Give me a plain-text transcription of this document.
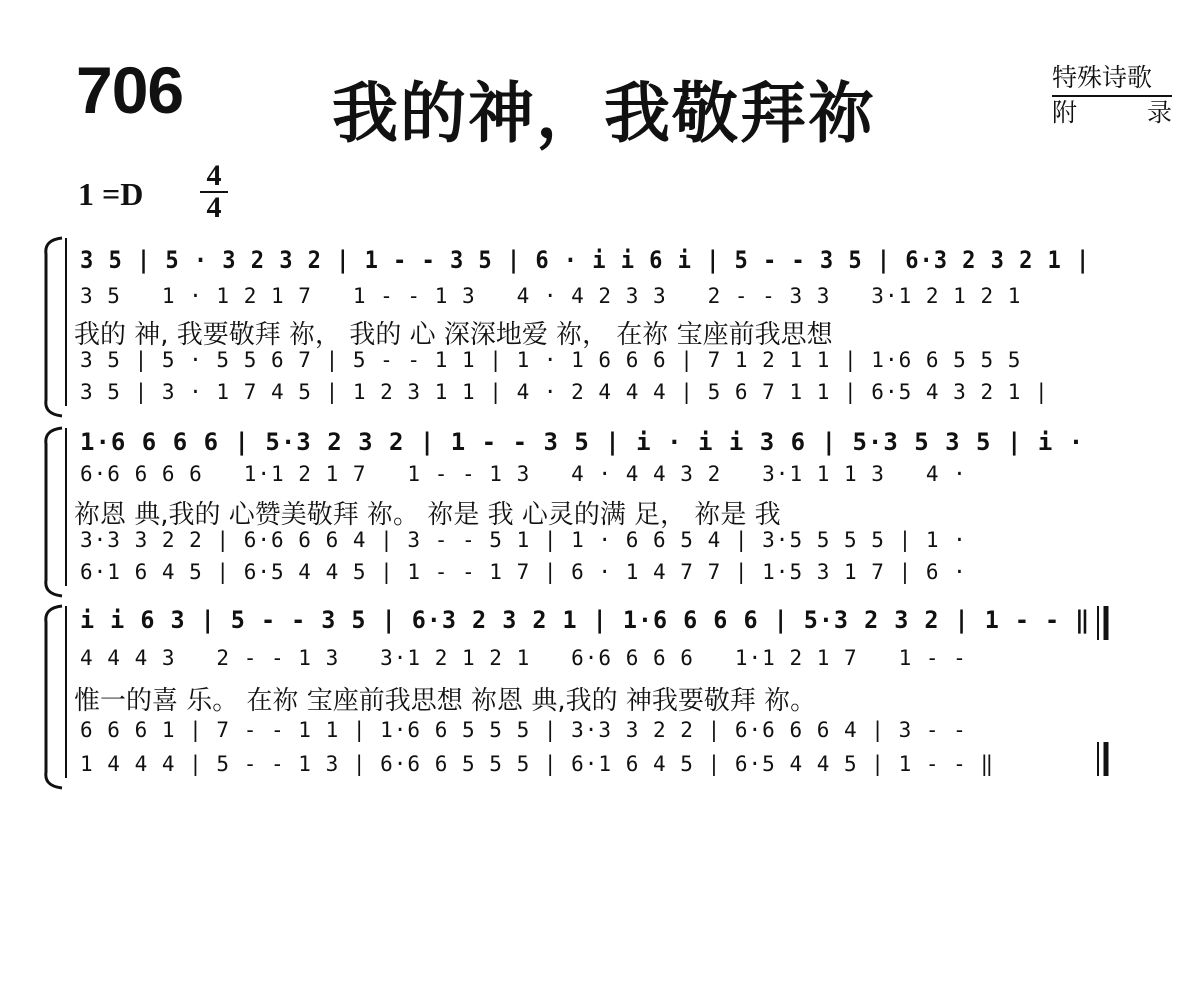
706 我的神，我敬拜祢	特殊诗歌
附	录
1 =D
4
4
3 5 | 5 · 3 2 3 2 | 1 - - 3 5 | 6 · i i 6 i | 5 - - 3 5 | 6·3 2 3 2 1 |
3 5   1 · 1 2 1 7   1 - - 1 3   4 · 4 2 3 3   2 - - 3 3   3·1 2 1 2 1
我的 神, 我要敬拜 祢， 我的 心 深深地爱 祢， 在祢 宝座前我思想
3 5 | 5 · 5 5 6 7 | 5 - - 1 1 | 1 · 1 6 6 6 | 7 1 2 1 1 | 1·6 6 5 5 5
3 5 | 3 · 1 7 4 5 | 1 2 3 1 1 | 4 · 2 4 4 4 | 5 6 7 1 1 | 6·5 4 3 2 1 |
1·6 6 6 6 | 5·3 2 3 2 | 1 - - 3 5 | i · i i 3 6 | 5·3 5 3 5 | i ·
6·6 6 6 6   1·1 2 1 7   1 - - 1 3   4 · 4 4 3 2   3·1 1 1 3   4 ·
祢恩 典,我的 心赞美敬拜 祢。 祢是 我 心灵的满 足， 祢是 我
3·3 3 2 2 | 6·6 6 6 4 | 3 - - 5 1 | 1 · 6 6 5 4 | 3·5 5 5 5 | 1 ·
6·1 6 4 5 | 6·5 4 4 5 | 1 - - 1 7 | 6 · 1 4 7 7 | 1·5 3 1 7 | 6 ·
i i 6 3 | 5 - - 3 5 | 6·3 2 3 2 1 | 1·6 6 6 6 | 5·3 2 3 2 | 1 - - ‖
4 4 4 3   2 - - 1 3   3·1 2 1 2 1   6·6 6 6 6   1·1 2 1 7   1 - -
惟一的喜 乐。 在祢 宝座前我思想 祢恩 典,我的 神我要敬拜 祢。
6 6 6 1 | 7 - - 1 1 | 1·6 6 5 5 5 | 3·3 3 2 2 | 6·6 6 6 4 | 3 - -
1 4 4 4 | 5 - - 1 3 | 6·6 6 5 5 5 | 6·1 6 4 5 | 6·5 4 4 5 | 1 - - ‖
